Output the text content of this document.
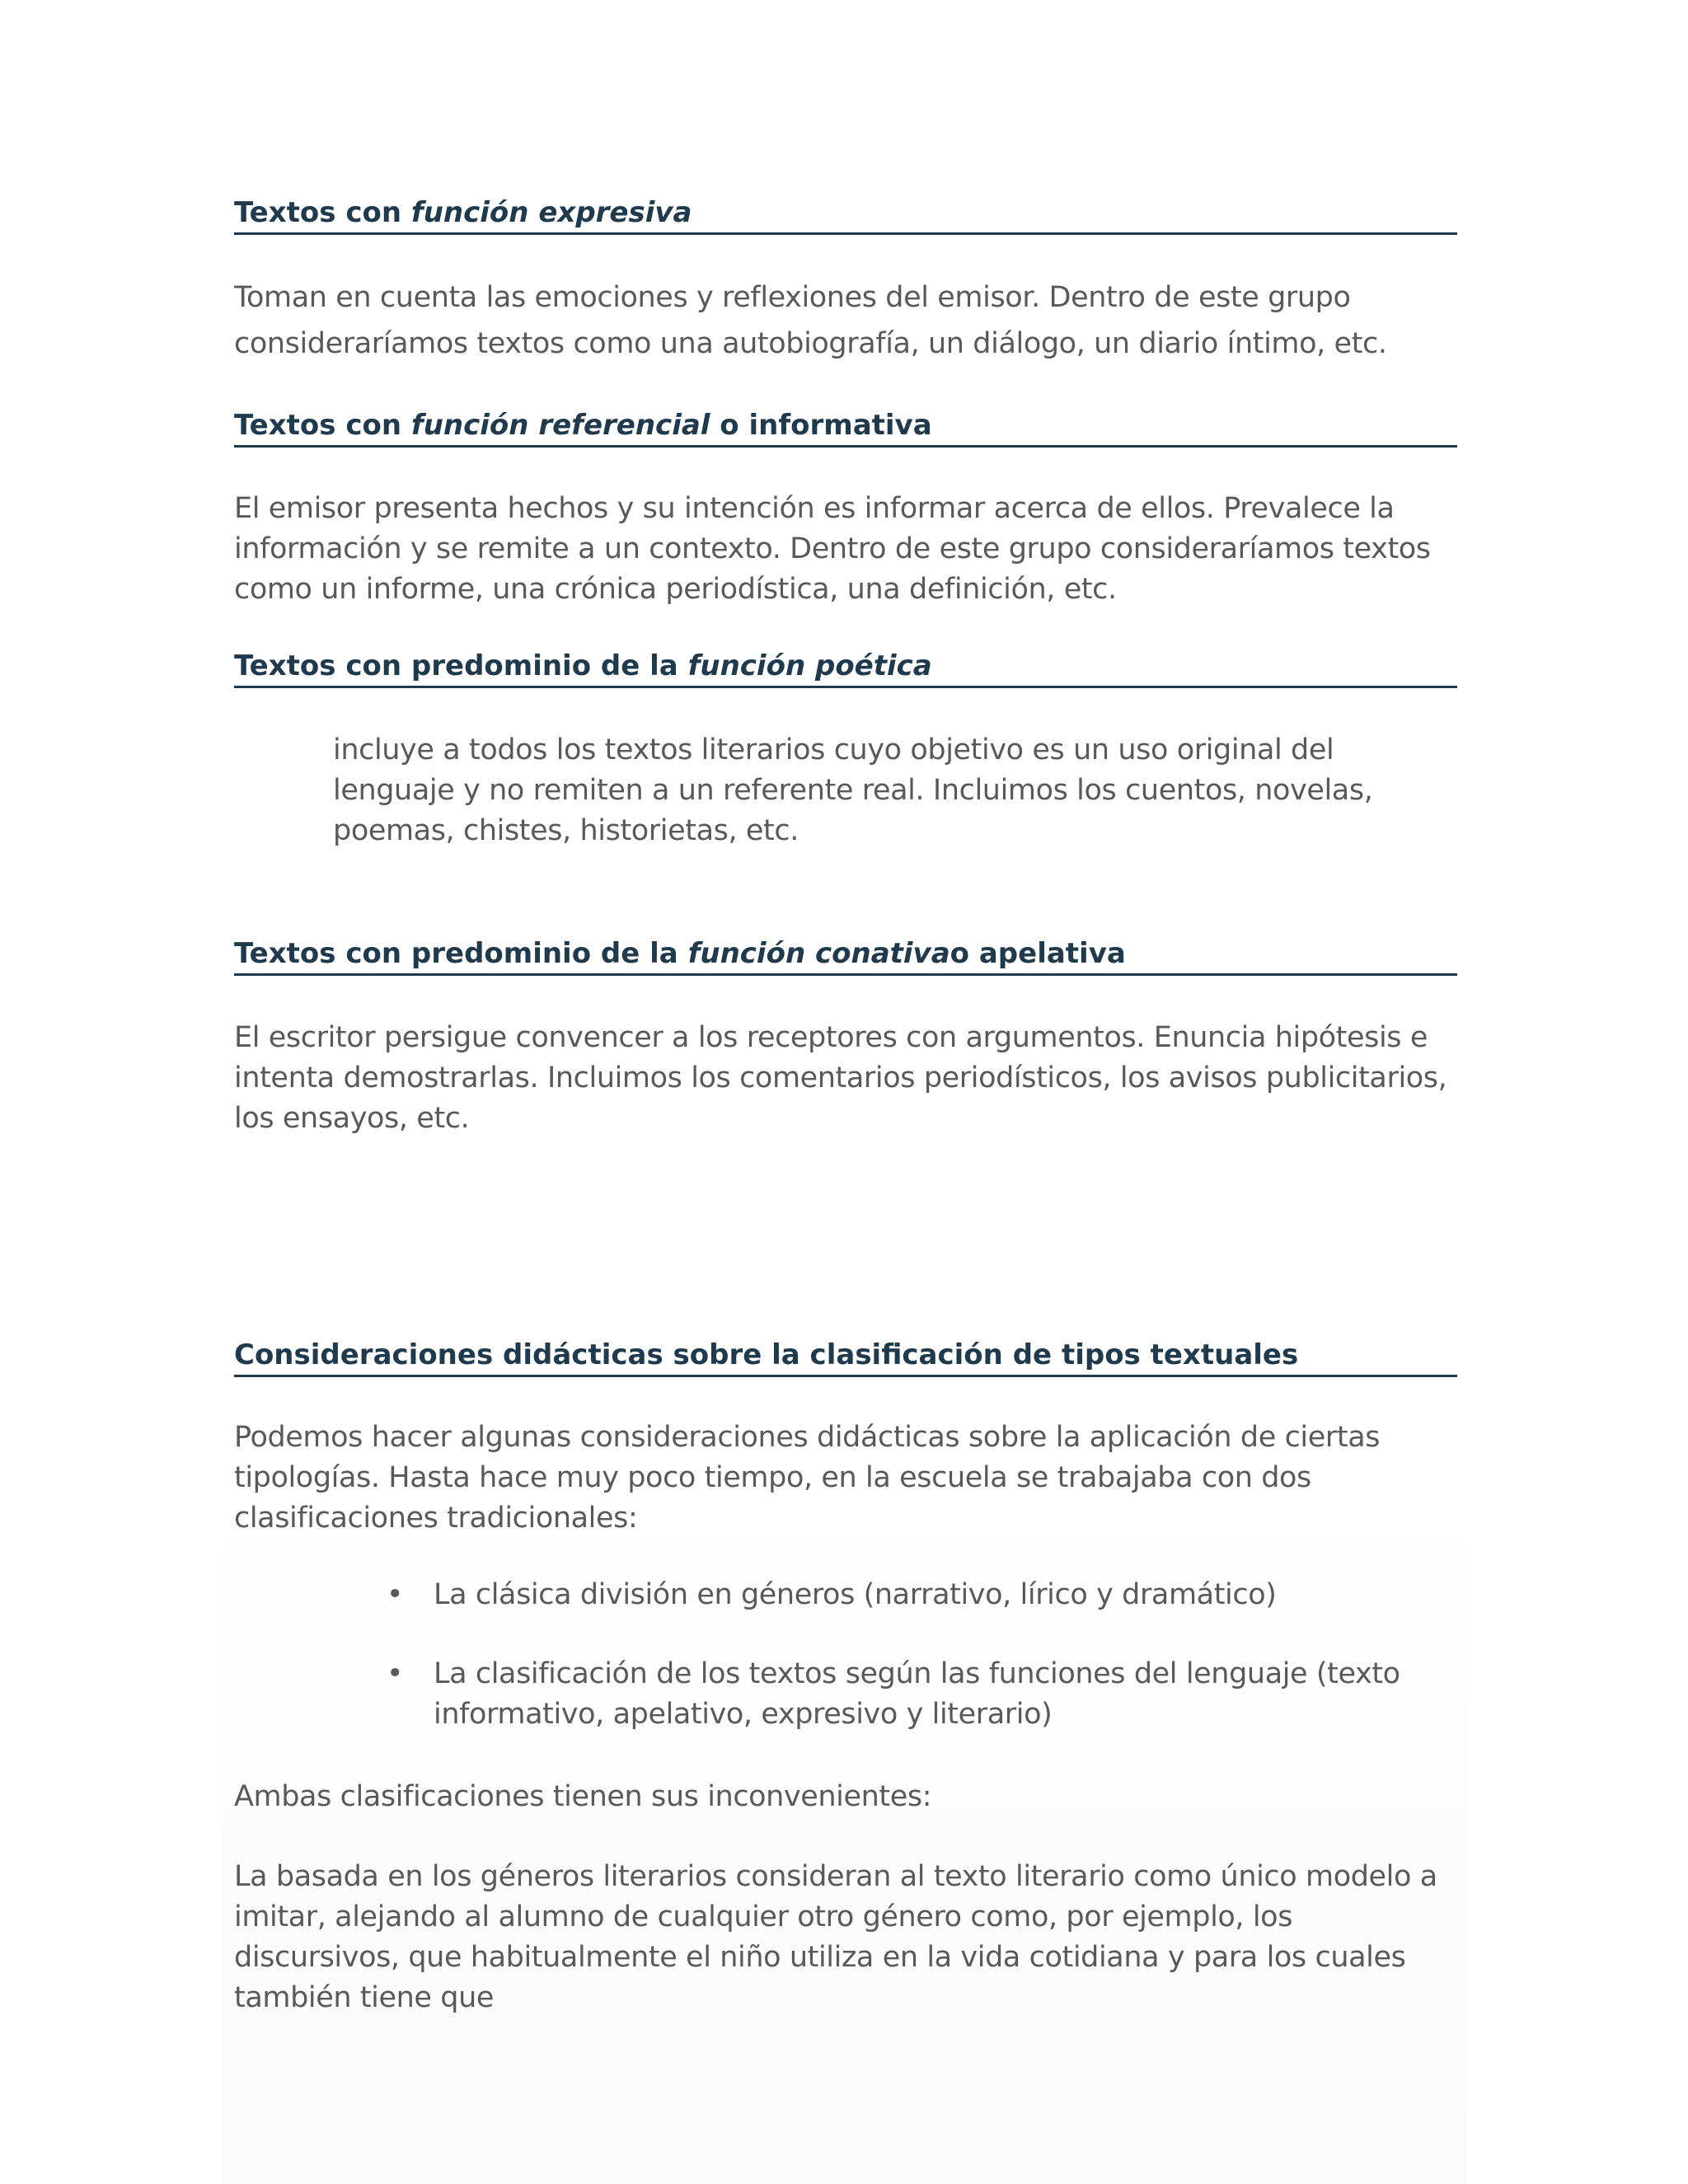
Textos con función expresiva

Toman en cuenta las emociones y reflexiones del emisor. Dentro de este grupo consideraríamos textos como una autobiografía, un diálogo, un diario íntimo, etc.

Textos con función referencial o informativa

El emisor presenta hechos y su intención es informar acerca de ellos. Prevalece la información y se remite a un contexto. Dentro de este grupo consideraríamos textos como un informe, una crónica periodística, una definición, etc.

Textos con predominio de la función poética

incluye a todos los textos literarios cuyo objetivo es un uso original del lenguaje y no remiten a un referente real. Incluimos los cuentos, novelas, poemas, chistes, historietas, etc.

Textos con predominio de la función conativao apelativa

El escritor persigue convencer a los receptores con argumentos. Enuncia hipótesis e intenta demostrarlas. Incluimos los comentarios periodísticos, los avisos publicitarios, los ensayos, etc.

Consideraciones didácticas sobre la clasificación de tipos textuales

Podemos hacer algunas consideraciones didácticas sobre la aplicación de ciertas tipologías. Hasta hace muy poco tiempo, en la escuela se trabajaba con dos clasificaciones tradicionales:

• La clásica división en géneros (narrativo, lírico y dramático)
• La clasificación de los textos según las funciones del lenguaje (texto informativo, apelativo, expresivo y literario)

Ambas clasificaciones tienen sus inconvenientes:

La basada en los géneros literarios consideran al texto literario como único modelo a imitar, alejando al alumno de cualquier otro género como, por ejemplo, los discursivos, que habitualmente el niño utiliza en la vida cotidiana y para los cuales también tiene que
